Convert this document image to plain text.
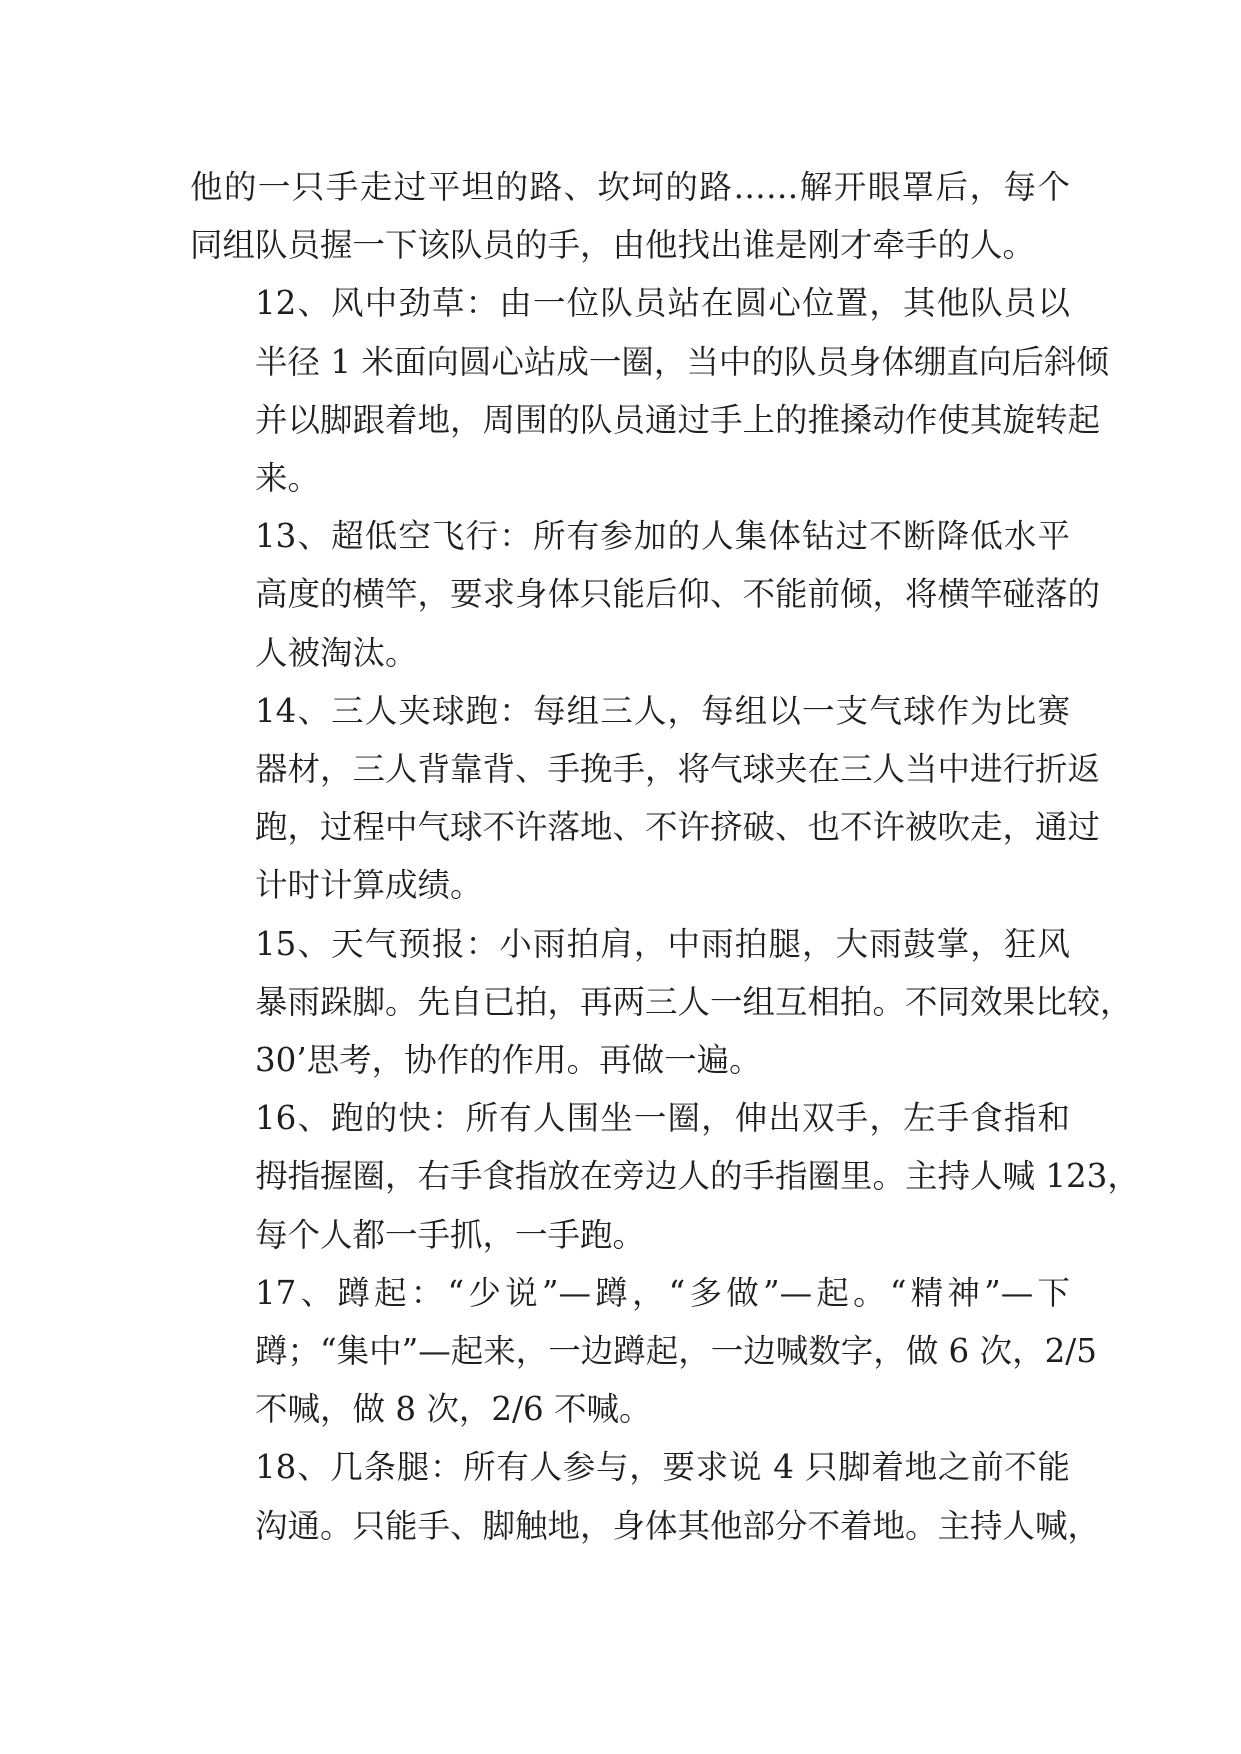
他的一只手走过平坦的路、坎坷的路……解开眼罩后，每个
同组队员握一下该队员的手，由他找出谁是刚才牵手的人。
12、风中劲草：由一位队员站在圆心位置，其他队员以
半径 1 米面向圆心站成一圈，当中的队员身体绷直向后斜倾
并以脚跟着地，周围的队员通过手上的推搡动作使其旋转起
来。
13、超低空飞行：所有参加的人集体钻过不断降低水平
高度的横竿，要求身体只能后仰、不能前倾，将横竿碰落的
人被淘汰。
14、三人夹球跑：每组三人，每组以一支气球作为比赛
器材，三人背靠背、手挽手，将气球夹在三人当中进行折返
跑，过程中气球不许落地、不许挤破、也不许被吹走，通过
计时计算成绩。
15、天气预报：小雨拍肩，中雨拍腿，大雨鼓掌，狂风
暴雨跺脚。先自已拍，再两三人一组互相拍。不同效果比较，
30’思考，协作的作用。再做一遍。
16、跑的快：所有人围坐一圈，伸出双手，左手食指和
拇指握圈，右手食指放在旁边人的手指圈里。主持人喊 123，
每个人都一手抓，一手跑。
17、蹲起：“少说”—蹲，“多做”—起。“精神”—下
蹲；“集中”—起来，一边蹲起，一边喊数字，做 6 次，2/5
不喊，做 8 次，2/6 不喊。
18、几条腿：所有人参与，要求说 4 只脚着地之前不能
沟通。只能手、脚触地，身体其他部分不着地。主持人喊，
